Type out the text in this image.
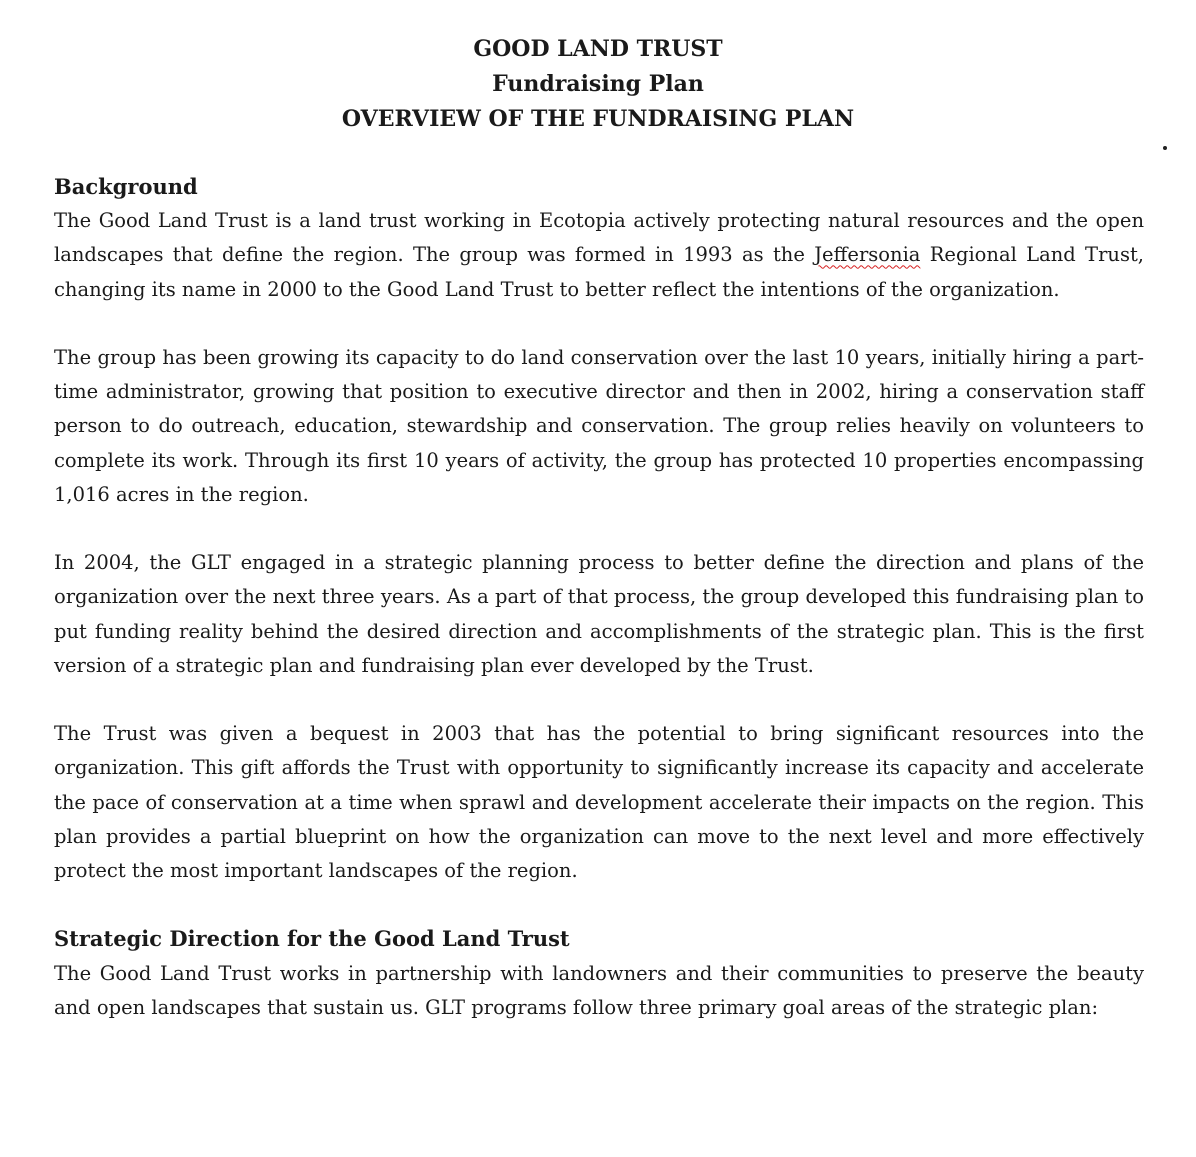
GOOD LAND TRUST
Fundraising Plan
OVERVIEW OF THE FUNDRAISING PLAN

Background

The Good Land Trust is a land trust working in Ecotopia actively protecting natural resources and the open landscapes that define the region. The group was formed in 1993 as the Jeffersonia Regional Land Trust, changing its name in 2000 to the Good Land Trust to better reflect the intentions of the organization.

The group has been growing its capacity to do land conservation over the last 10 years, initially hiring a part-time administrator, growing that position to executive director and then in 2002, hiring a conservation staff person to do outreach, education, stewardship and conservation. The group relies heavily on volunteers to complete its work. Through its first 10 years of activity, the group has protected 10 properties encompassing 1,016 acres in the region.

In 2004, the GLT engaged in a strategic planning process to better define the direction and plans of the organization over the next three years. As a part of that process, the group developed this fundraising plan to put funding reality behind the desired direction and accomplishments of the strategic plan. This is the first version of a strategic plan and fundraising plan ever developed by the Trust.

The Trust was given a bequest in 2003 that has the potential to bring significant resources into the organization. This gift affords the Trust with opportunity to significantly increase its capacity and accelerate the pace of conservation at a time when sprawl and development accelerate their impacts on the region. This plan provides a partial blueprint on how the organization can move to the next level and more effectively protect the most important landscapes of the region.

Strategic Direction for the Good Land Trust

The Good Land Trust works in partnership with landowners and their communities to preserve the beauty and open landscapes that sustain us. GLT programs follow three primary goal areas of the strategic plan:
